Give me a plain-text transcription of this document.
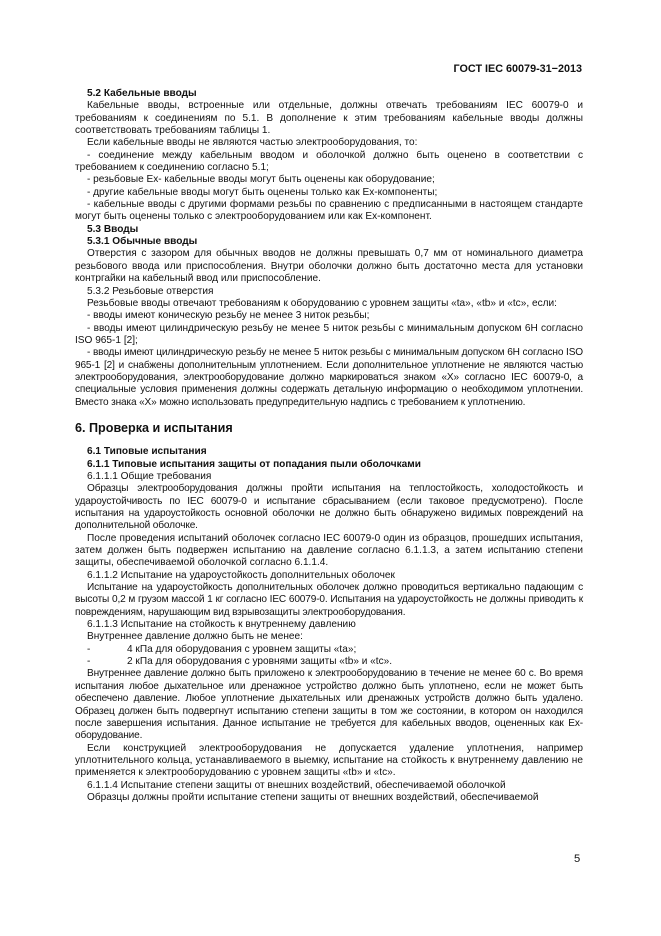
ГОСТ IEC 60079-31−2013
5.2 Кабельные вводы
Кабельные вводы, встроенные или отдельные, должны отвечать требованиям IEC 60079-0 и требованиям к соединениям по 5.1. В дополнение к этим требованиям кабельные вводы должны соответствовать требованиям таблицы 1.
Если кабельные вводы не являются частью электрооборудования, то:
- соединение между кабельным вводом и оболочкой должно быть оценено в соответствии с требованием к соединению согласно 5.1;
- резьбовые Ex- кабельные вводы могут быть оценены как оборудование;
- другие кабельные вводы могут быть оценены только как Ex-компоненты;
- кабельные вводы с другими формами резьбы по сравнению с предписанными в настоящем стандарте могут быть оценены только с электрооборудованием или как Ex-компонент.
5.3 Вводы
5.3.1 Обычные вводы
Отверстия с зазором для обычных вводов не должны превышать 0,7 мм от номинального диаметра резьбового ввода или приспособления. Внутри оболочки должно быть достаточно места для установки контргайки на кабельный ввод или приспособление.
5.3.2 Резьбовые отверстия
Резьбовые вводы отвечают требованиям к оборудованию с уровнем защиты «ta», «tb» и «tc», если:
- вводы имеют коническую резьбу не менее 3 ниток резьбы;
- вводы имеют цилиндрическую резьбу не менее 5 ниток резьбы с минимальным допуском 6Н согласно ISO 965-1 [2];
- вводы имеют цилиндрическую резьбу не менее 5 ниток резьбы с минимальным допуском 6Н согласно ISO 965-1 [2] и снабжены дополнительным уплотнением. Если дополнительное уплотнение не являются частью электрооборудования, электрооборудование должно маркироваться знаком «X» согласно IEC 60079-0, а специальные условия применения должны содержать детальную информацию о необходимом уплотнении. Вместо знака «X» можно использовать предупредительную надпись с требованием к уплотнению.
6. Проверка и испытания
6.1 Типовые испытания
6.1.1 Типовые испытания защиты от попадания пыли оболочками
6.1.1.1 Общие требования
Образцы электрооборудования должны пройти испытания на теплостойкость, холодостойкость и удароустойчивость по IEC 60079-0 и испытание сбрасыванием (если таковое предусмотрено). После испытания на удароустойкость основной оболочки не должно быть обнаружено видимых повреждений на дополнительной оболочке.
После проведения испытаний оболочек согласно IEC 60079-0 один из образцов, прошедших испытания, затем должен быть подвержен испытанию на давление согласно 6.1.1.3, а затем испытанию степени защиты, обеспечиваемой оболочкой согласно 6.1.1.4.
6.1.1.2 Испытание на удароустойкость дополнительных оболочек
Испытание на удароустойкость дополнительных оболочек должно проводиться вертикально падающим с высоты 0,2 м грузом массой 1 кг согласно IEC 60079-0. Испытания на удароустойкость не должны приводить к повреждениям, нарушающим вид взрывозащиты электрооборудования.
6.1.1.3 Испытание на стойкость к внутреннему давлению
Внутреннее давление должно быть не менее:
-	4 кПа для оборудования с уровнем защиты «ta»;
-	2 кПа для оборудования с уровнями защиты «tb» и «tc».
Внутреннее давление должно быть приложено к электрооборудованию в течение не менее 60 с. Во время испытания любое дыхательное или дренажное устройство должно быть уплотнено, если не может быть обеспечено давление. Любое уплотнение дыхательных или дренажных устройств должно быть удалено. Образец должен быть подвергнут испытанию степени защиты в том же состоянии, в котором он находился после завершения испытания. Данное испытание не требуется для кабельных вводов, оцененных как Ex-оборудование.
Если конструкцией электрооборудования не допускается удаление уплотнения, например уплотнительного кольца, устанавливаемого в выемку, испытание на стойкость к внутреннему давлению не применяется к электрооборудованию с уровнем защиты «tb» и «tc».
6.1.1.4 Испытание степени защиты от внешних воздействий, обеспечиваемой оболочкой
Образцы должны пройти испытание степени защиты от внешних воздействий, обеспечиваемой
5
